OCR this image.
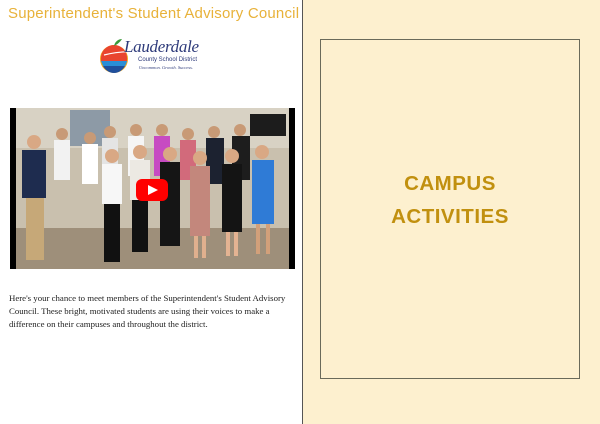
Superintendent's Student Advisory Council
Lauderdale
County School District
Uncommon. Growth. Success.
Here's your chance to meet members of the Superintendent's Student Advisory Council. These bright, motivated students are using their voices to make a difference on their campuses and throughout the district.
CAMPUS
ACTIVITIES
